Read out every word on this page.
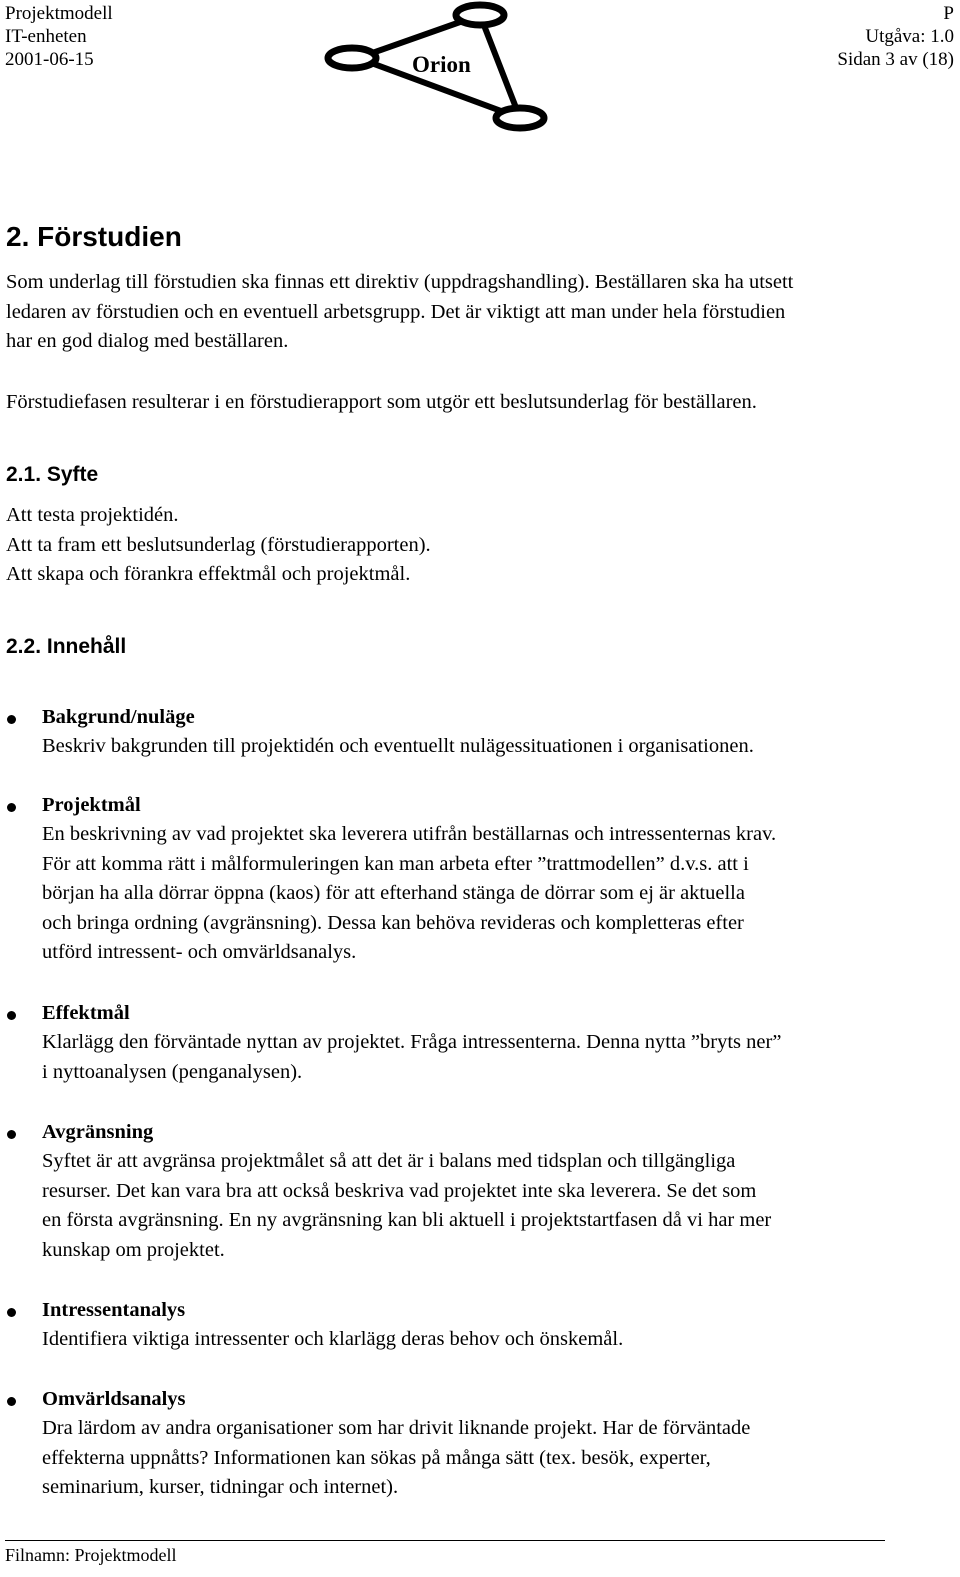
Projektmodell
IT-enheten
2001-06-15
P
Utgåva: 1.0
Sidan 3 av (18)
Orion
2. Förstudien

Som underlag till förstudien ska finnas ett direktiv (uppdragshandling). Beställaren ska ha utsett
ledaren av förstudien och en eventuell arbetsgrupp. Det är viktigt att man under hela förstudien
har en god dialog med beställaren.

Förstudiefasen resulterar i en förstudierapport som utgör ett beslutsunderlag för beställaren.

2.1. Syfte

Att testa projektidén.
Att ta fram ett beslutsunderlag (förstudierapporten).
Att skapa och förankra effektmål och projektmål.

2.2. Innehåll
Bakgrund/nuläge

Beskriv bakgrunden till projektidén och eventuellt nulägessituationen i organisationen.

Projektmål

En beskrivning av vad projektet ska leverera utifrån beställarnas och intressenternas krav.
För att komma rätt i målformuleringen kan man arbeta efter ”trattmodellen” d.v.s. att i
början ha alla dörrar öppna (kaos) för att efterhand stänga de dörrar som ej är aktuella
och bringa ordning (avgränsning). Dessa kan behöva revideras och kompletteras efter
utförd intressent- och omvärldsanalys.

Effektmål

Klarlägg den förväntade nyttan av projektet. Fråga intressenterna. Denna nytta ”bryts ner”
i nyttoanalysen (penganalysen).

Avgränsning

Syftet är att avgränsa projektmålet så att det är i balans med tidsplan och tillgängliga
resurser. Det kan vara bra att också beskriva vad projektet inte ska leverera. Se det som
en första avgränsning. En ny avgränsning kan bli aktuell i projektstartfasen då vi har mer
kunskap om projektet.

Intressentanalys

Identifiera viktiga intressenter och klarlägg deras behov och önskemål.

Omvärldsanalys

Dra lärdom av andra organisationer som har drivit liknande projekt. Har de förväntade
effekterna uppnåtts? Informationen kan sökas på många sätt (tex. besök, experter,
seminarium, kurser, tidningar och internet).

Filnamn: Projektmodell
